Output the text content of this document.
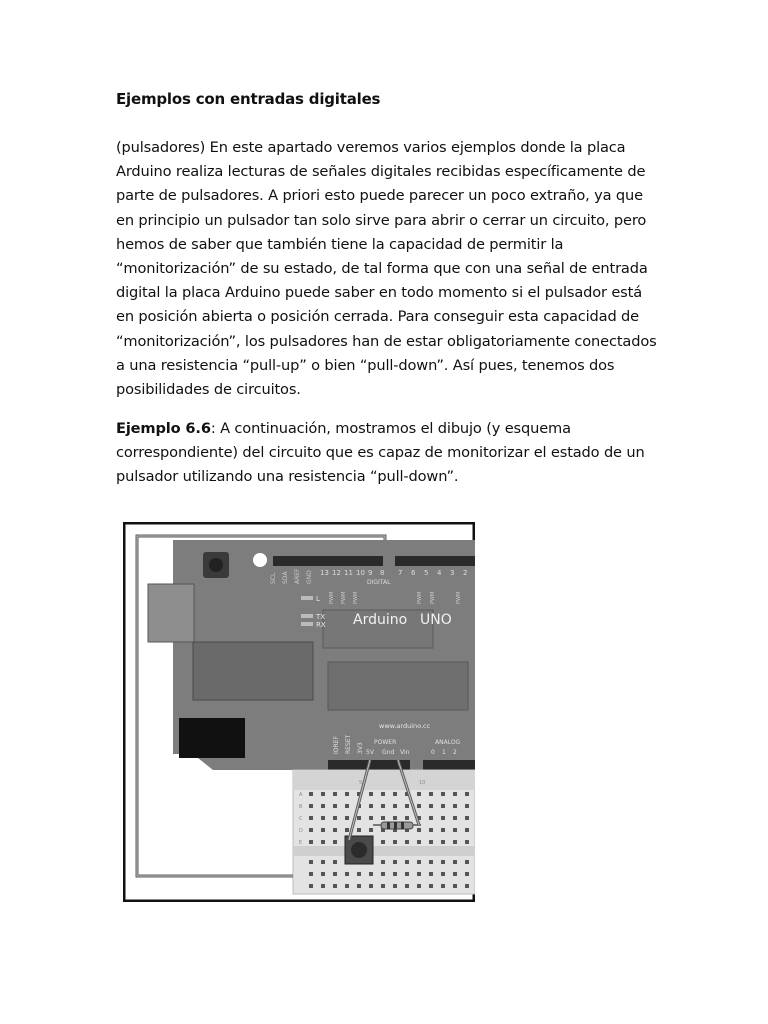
Ejemplos con entradas digitales
(pulsadores) En este apartado veremos varios ejemplos donde la placa Arduino realiza lecturas de señales digitales recibidas específicamente de parte de pulsadores. A priori esto puede parecer un poco extraño, ya que en principio un pulsador tan solo sirve para abrir o cerrar un circuito, pero hemos de saber que también tiene la capacidad de permitir la “monitorización” de su estado, de tal forma que con una señal de entrada digital la placa Arduino puede saber en todo momento si el pulsador está en posición abierta o posición cerrada. Para conseguir esta capacidad de “monitorización”, los pulsadores han de estar obligatoriamente conectados a una resistencia “pull-up” o bien “pull-down”. Así pues, tenemos dos posibilidades de circuitos.
Ejemplo 6.6: A continuación, mostramos el dibujo (y esquema correspondiente) del circuito que es capaz de monitorizar el estado de un pulsador utilizando una resistencia “pull-down”.
SCL SDA AREF GND 13 12 11 10 9 8 7 6 5 4 3 2
DIGITAL
PWM PWM PWM	PWM PWM	PWM
L
TX
RX Arduino UNO
www.arduino.cc
POWER	ANALOG
IOREF RESET 3V3 5V Gnd Vin	0 1 2
A
B
C
D
E
5	10
